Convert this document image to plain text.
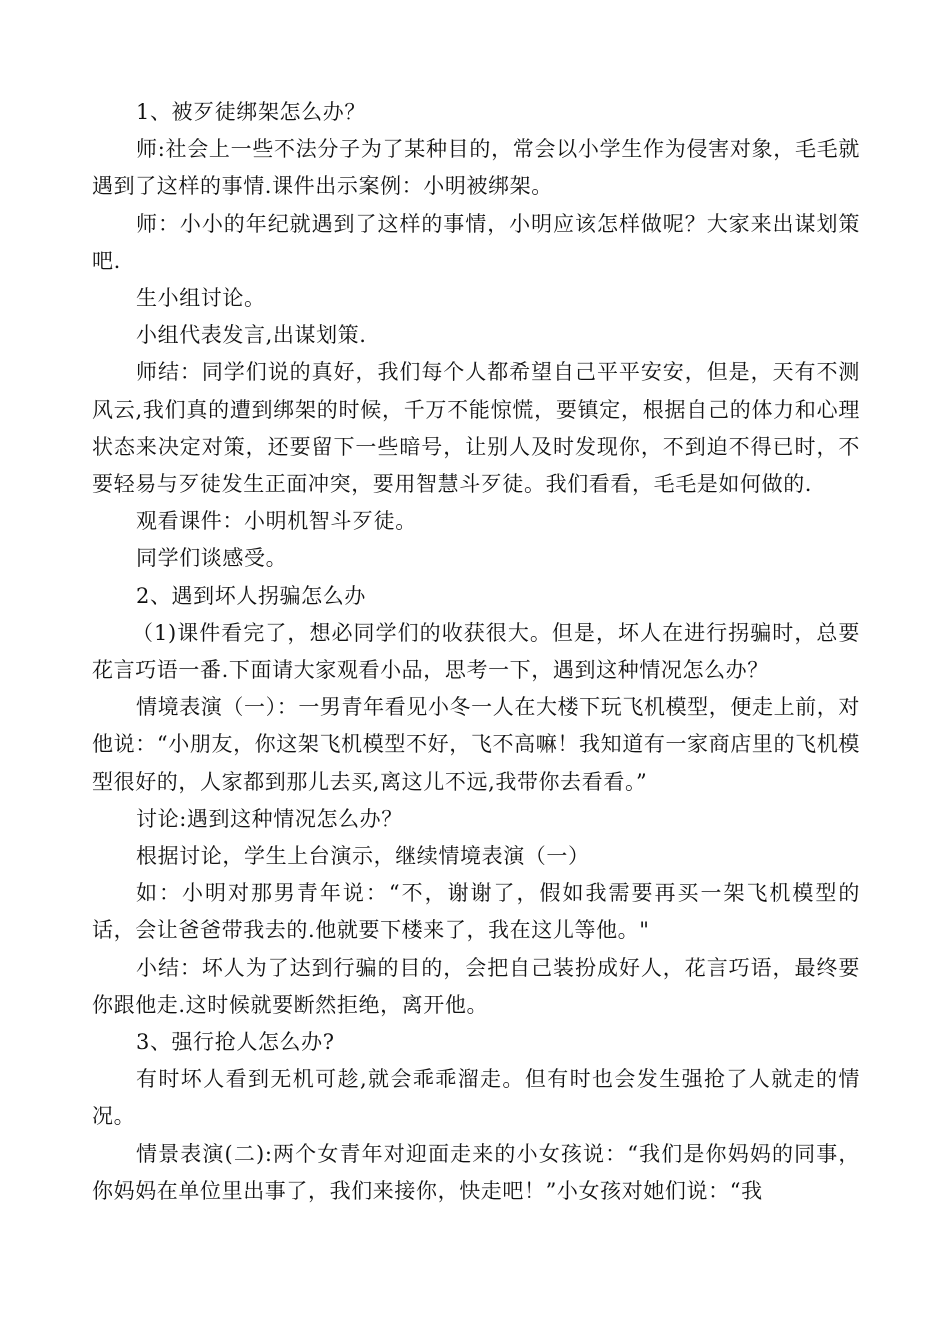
1、被歹徒绑架怎么办？

师:社会上一些不法分子为了某种目的，常会以小学生作为侵害对象，毛毛就遇到了这样的事情.课件出示案例：小明被绑架。

师：小小的年纪就遇到了这样的事情，小明应该怎样做呢？大家来出谋划策吧.

生小组讨论。

小组代表发言,出谋划策.

师结：同学们说的真好，我们每个人都希望自己平平安安，但是，天有不测风云,我们真的遭到绑架的时候，千万不能惊慌，要镇定，根据自己的体力和心理状态来决定对策，还要留下一些暗号，让别人及时发现你，不到迫不得已时，不要轻易与歹徒发生正面冲突，要用智慧斗歹徒。我们看看，毛毛是如何做的.

观看课件：小明机智斗歹徒。

同学们谈感受。

2、遇到坏人拐骗怎么办

（1)课件看完了，想必同学们的收获很大。但是，坏人在进行拐骗时，总要花言巧语一番.下面请大家观看小品，思考一下，遇到这种情况怎么办？

情境表演（一）：一男青年看见小冬一人在大楼下玩飞机模型，便走上前，对他说：“小朋友，你这架飞机模型不好，飞不高嘛！我知道有一家商店里的飞机模型很好的，人家都到那儿去买,离这儿不远,我带你去看看。”

讨论:遇到这种情况怎么办？

根据讨论，学生上台演示，继续情境表演（一）

如：小明对那男青年说：“不，谢谢了，假如我需要再买一架飞机模型的话，会让爸爸带我去的.他就要下楼来了，我在这儿等他。"

小结：坏人为了达到行骗的目的，会把自己装扮成好人，花言巧语，最终要你跟他走.这时候就要断然拒绝，离开他。

3、强行抢人怎么办?

有时坏人看到无机可趁,就会乖乖溜走。但有时也会发生强抢了人就走的情况。

情景表演(二):两个女青年对迎面走来的小女孩说：“我们是你妈妈的同事，你妈妈在单位里出事了，我们来接你，快走吧！”小女孩对她们说：“我
